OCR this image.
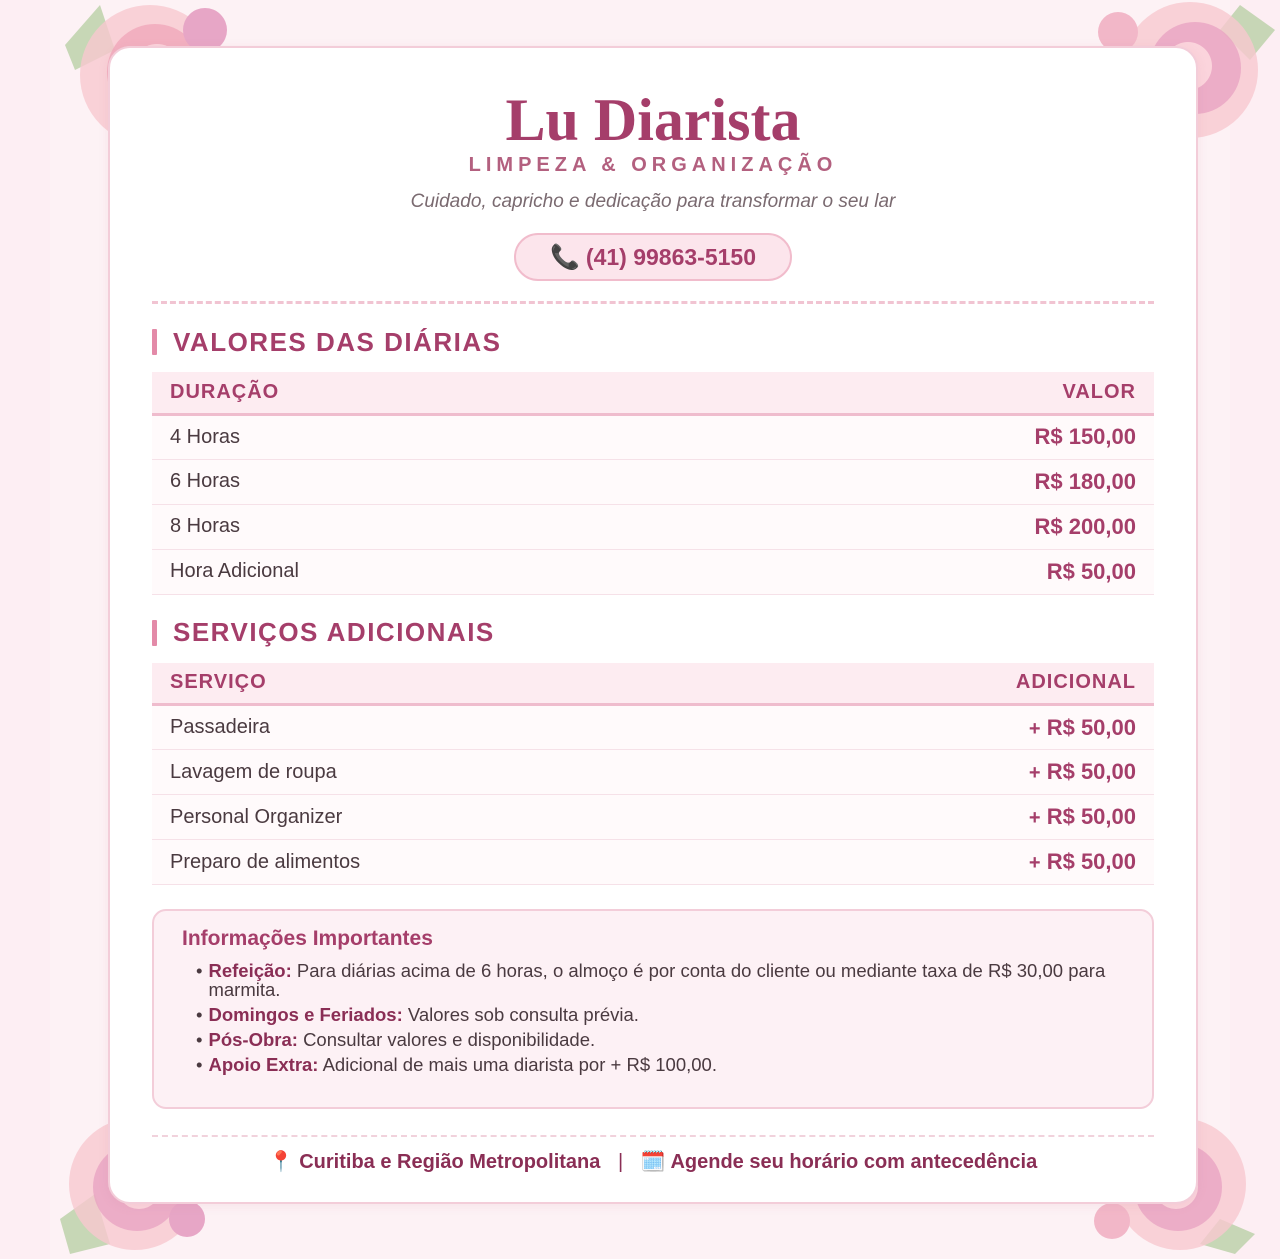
Lu Diarista
LIMPEZA & ORGANIZAÇÃO
Cuidado, capricho e dedicação para transformar o seu lar
📞 (41) 99863-5150
VALORES DAS DIÁRIAS
DURAÇÃO	VALOR
4 Horas	R$ 150,00
6 Horas	R$ 180,00
8 Horas	R$ 200,00
Hora Adicional	R$ 50,00
SERVIÇOS ADICIONAIS
SERVIÇO	ADICIONAL
Passadeira	+ R$ 50,00
Lavagem de roupa	+ R$ 50,00
Personal Organizer	+ R$ 50,00
Preparo de alimentos	+ R$ 50,00
Informações Importantes
• Refeição: Para diárias acima de 6 horas, o almoço é por conta do cliente ou mediante taxa de R$ 30,00 para marmita.
• Domingos e Feriados: Valores sob consulta prévia.
• Pós-Obra: Consultar valores e disponibilidade.
• Apoio Extra: Adicional de mais uma diarista por + R$ 100,00.
📍 Curitiba e Região Metropolitana | 🗓️ Agende seu horário com antecedência
